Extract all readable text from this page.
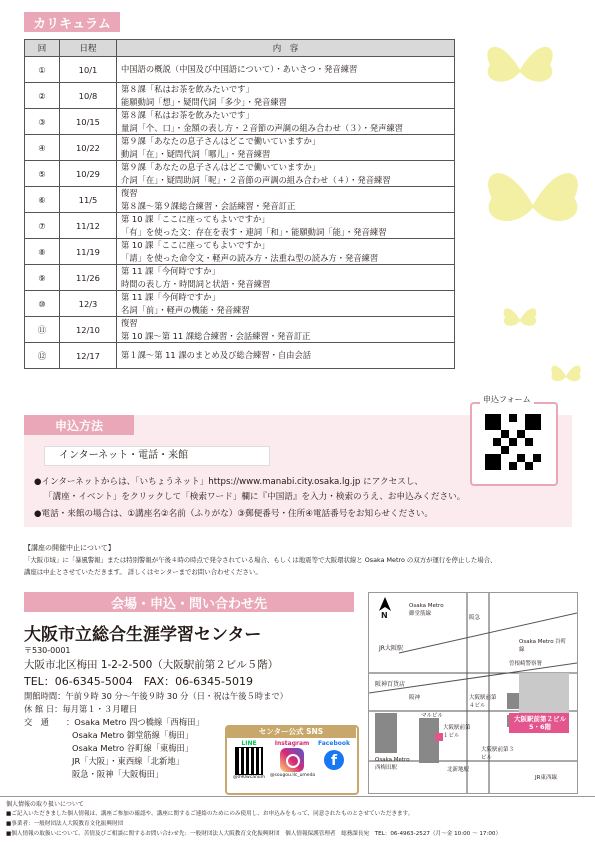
カリキュラム
回	日程	内　容
①	10/1	中国語の概説（中国及び中国語について）・あいさつ・発音練習

②	10/8	第８課「私はお茶を飲みたいです」
能願動詞「想」・疑問代詞「多少」・発音練習

③	10/15	第８課「私はお茶を飲みたいです」
量詞「个、口」・金額の表し方・２音節の声調の組み合わせ（３）・発声練習

④	10/22	第９課「あなたの息子さんはどこで働いていますか」
動詞「在」・疑問代詞「哪儿」・発音練習

⑤	10/29	第９課「あなたの息子さんはどこで働いていますか」
介詞「在」・疑問助詞「呢」・２音節の声調の組み合わせ（４）・発音練習

⑥	11/5	復習
第８課～第９課総合練習・会話練習・発音訂正

⑦	11/12	第 10 課「ここに座ってもよいですか」
「有」を使った文：存在を表す・連詞「和」・能願動詞「能」・発音練習

⑧	11/19	第 10 課「ここに座ってもよいですか」
「請」を使った命令文・軽声の読み方・法重ね型の読み方・発音練習

⑨	11/26	第 11 課「今何時ですか」
時間の表し方・時間詞と状語・発音練習

⑩	12/3	第 11 課「今何時ですか」
名詞「前」・軽声の機能・発音練習

⑪	12/10	復習
第 10 課～第 11 課総合練習・会話練習・発音訂正

⑫	12/17	第１課～第 11 課のまとめ及び総合練習・自由会話
申込方法
申込フォーム
インターネット・電話・来館
●インターネットからは、「いちょうネット」https://www.manabi.city.osaka.lg.jp にアクセスし、
「講座・イベント」をクリックして「検索ワード」欄に『中国語』を入力・検索のうえ、お申込みください。
●電話・来館の場合は、①講座名②名前（ふりがな）③郵便番号・住所④電話番号をお知らせください。
【講座の開催中止について】
「大阪市域」に「暴風警報」または特別警報が午後４時の時点で発令されている場合、もしくは地震等で大阪環状線と Osaka Metro の双方が運行を停止した場合、
講座は中止とさせていただきます。 詳しくはセンターまでお問い合わせください。
会場・申込・問い合わせ先
大阪市立総合生涯学習センター
〒530-0001
大阪市北区梅田 1-2-2-500（大阪駅前第２ビル５階）
TEL：06-6345-5004　FAX：06-6345-5019
開館時間：午前９時 30 分～午後９時 30 分（日・祝は午後５時まで）
休 館 日：毎月第１・３月曜日
交　通 ：Osaka Metro 四つ橋線「西梅田」
Osaka Metro 御堂筋線「梅田」
Osaka Metro 谷町線「東梅田」
JR「大阪」・東西線「北新地」
阪急・阪神「大阪梅田」
センター公式 SNS
LINE
@090wcanum
Instagram
@sougou.llc_umeda
Facebook
f
N
Osaka Metro 御堂筋線
JR大阪駅
曽根崎警察署
阪神百貨店
阪急
マルビル
大阪駅前第１ビル
大阪駅前第４ビル
Osaka Metro 西梅田駅	北新地駅
大阪駅前第３ビル
JR東西線
阪神
Osaka Metro 谷町線
大阪駅前第２ビル
5・6階
個人情報の取り扱いについて
■ご記入いただきました個人情報は、講座ご参加の確認や、講座に関するご連絡のためにのみ使用し、お申込みをもって、同意されたものとさせていただきます。
■事業者：一般財団法人大阪教育文化振興財団
■個人情報の取扱いについて、苦情及びご相談に関するお問い合わせ先：一般財団法人大阪教育文化振興財団　個人情報保護管理者　総務課長宛　TEL：06-4963-2527（月～金 10:00 ～ 17:00）
